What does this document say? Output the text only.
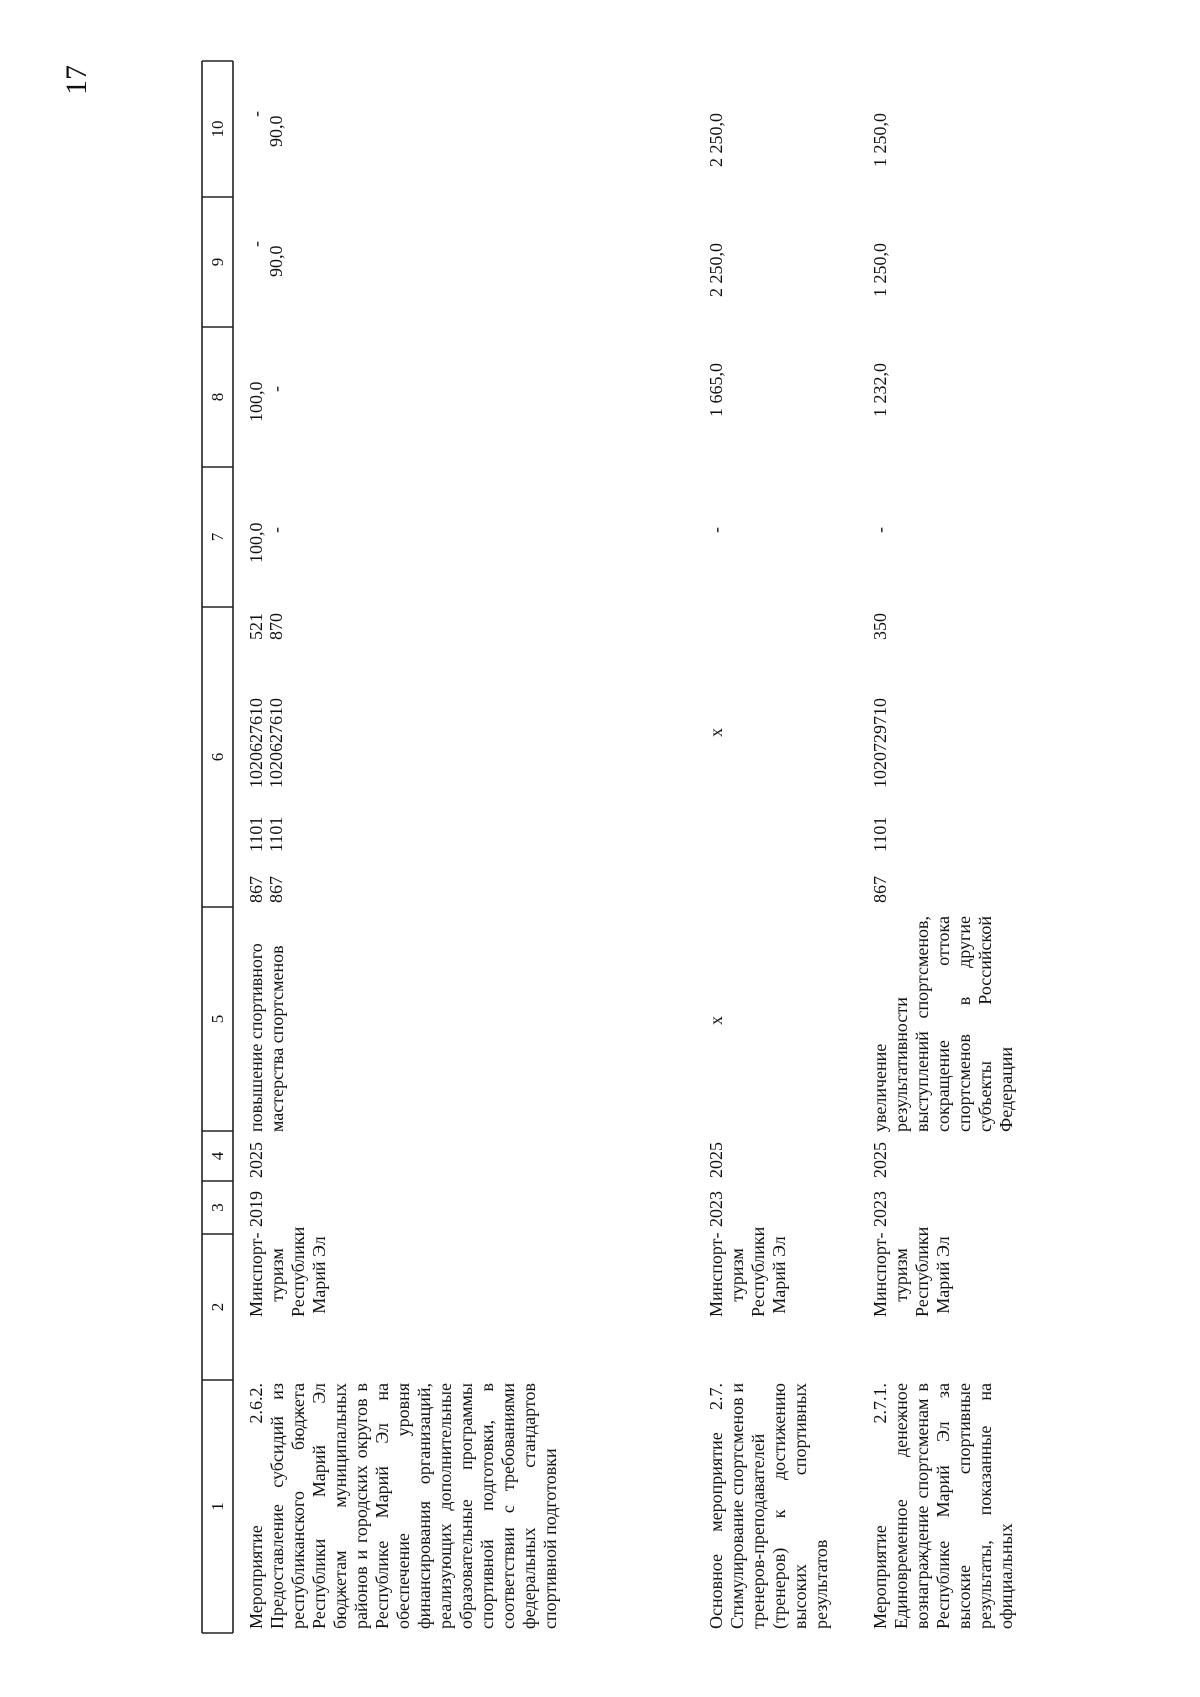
17
1
2
3
4
5
6
7
8
9
10
Мероприятие 2.6.2. Предоставление субсидий из республиканского бюджета Республики Марий Эл бюджетам муниципальных районов и городских округов в Республике Марий Эл на обеспечение уровня финансирования организаций, реализующих дополнительные образовательные программы спортивной подготовки, в соответствии с требованиями федеральных стандартов спортивной подготовки
Минспорт-туризм Республики Марий Эл
2019
2025
повышение спортивного мастерства спортсменов
867 867
1101 1101
1020627610 1020627610
521 870
100,0 -
100,0 -
-
90,0
-
90,0
Основное мероприятие 2.7. Стимулирование спортсменов и тренеров-преподавателей (тренеров) к достижению высоких спортивных результатов
Минспорт-туризм Республики Марий Эл
2023
2025
x
x
-
1 665,0
2 250,0
2 250,0
Мероприятие 2.7.1. Единовременное денежное вознаграждение спортсменам в Республике Марий Эл за высокие спортивные результаты, показанные на официальных
Минспорт-туризм Республики Марий Эл
2023
2025
увеличение результативности выступлений спортсменов, сокращение оттока спортсменов в другие субъекты Российской Федерации
867
1101
1020729710
350
-
1 232,0
1 250,0
1 250,0
